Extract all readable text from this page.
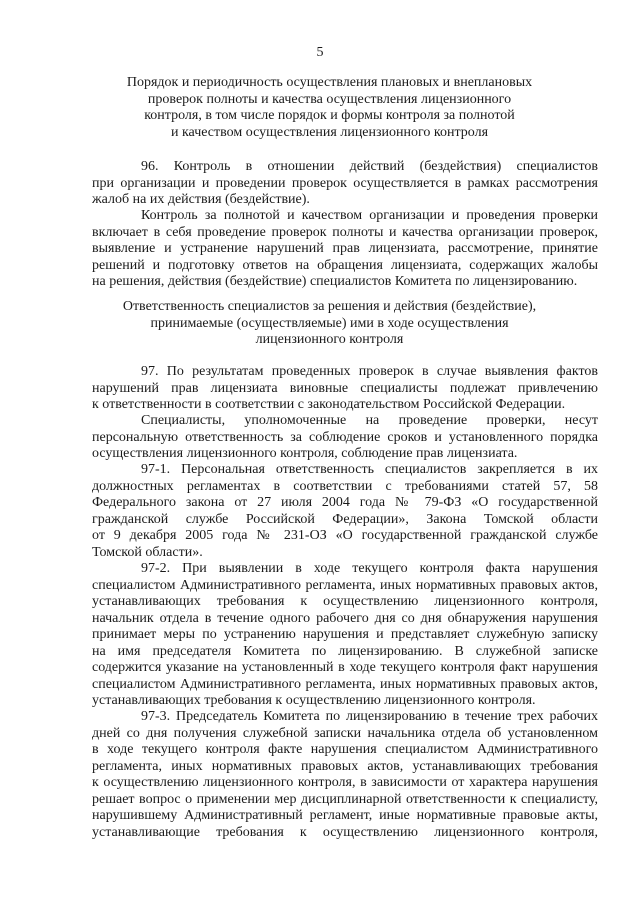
5
Порядок и периодичность осуществления плановых и внеплановых
проверок полноты и качества осуществления лицензионного
контроля, в том числе порядок и формы контроля за полнотой
и качеством осуществления лицензионного контроля
96. Контроль в отношении действий (бездействия) специалистов
при организации и проведении проверок осуществляется в рамках рассмотрения
жалоб на их действия (бездействие).
Контроль за полнотой и качеством организации и проведения проверки
включает в себя проведение проверок полноты и качества организации проверок,
выявление и устранение нарушений прав лицензиата, рассмотрение, принятие
решений и подготовку ответов на обращения лицензиата, содержащих жалобы
на решения, действия (бездействие) специалистов Комитета по лицензированию.
Ответственность специалистов за решения и действия (бездействие),
принимаемые (осуществляемые) ими в ходе осуществления
лицензионного контроля
97. По результатам проведенных проверок в случае выявления фактов
нарушений прав лицензиата виновные специалисты подлежат привлечению
к ответственности в соответствии с законодательством Российской Федерации.
Специалисты, уполномоченные на проведение проверки, несут
персональную ответственность за соблюдение сроков и установленного порядка
осуществления лицензионного контроля, соблюдение прав лицензиата.
97-1. Персональная ответственность специалистов закрепляется в их
должностных регламентах в соответствии с требованиями статей 57, 58
Федерального закона от 27 июля 2004 года № 79-ФЗ «О государственной
гражданской службе Российской Федерации», Закона Томской области
от 9 декабря 2005 года № 231-ОЗ «О государственной гражданской службе
Томской области».
97-2. При выявлении в ходе текущего контроля факта нарушения
специалистом Административного регламента, иных нормативных правовых актов,
устанавливающих требования к осуществлению лицензионного контроля,
начальник отдела в течение одного рабочего дня со дня обнаружения нарушения
принимает меры по устранению нарушения и представляет служебную записку
на имя председателя Комитета по лицензированию. В служебной записке
содержится указание на установленный в ходе текущего контроля факт нарушения
специалистом Административного регламента, иных нормативных правовых актов,
устанавливающих требования к осуществлению лицензионного контроля.
97-3. Председатель Комитета по лицензированию в течение трех рабочих
дней со дня получения служебной записки начальника отдела об установленном
в ходе текущего контроля факте нарушения специалистом Административного
регламента, иных нормативных правовых актов, устанавливающих требования
к осуществлению лицензионного контроля, в зависимости от характера нарушения
решает вопрос о применении мер дисциплинарной ответственности к специалисту,
нарушившему Административный регламент, иные нормативные правовые акты,
устанавливающие требования к осуществлению лицензионного контроля,
